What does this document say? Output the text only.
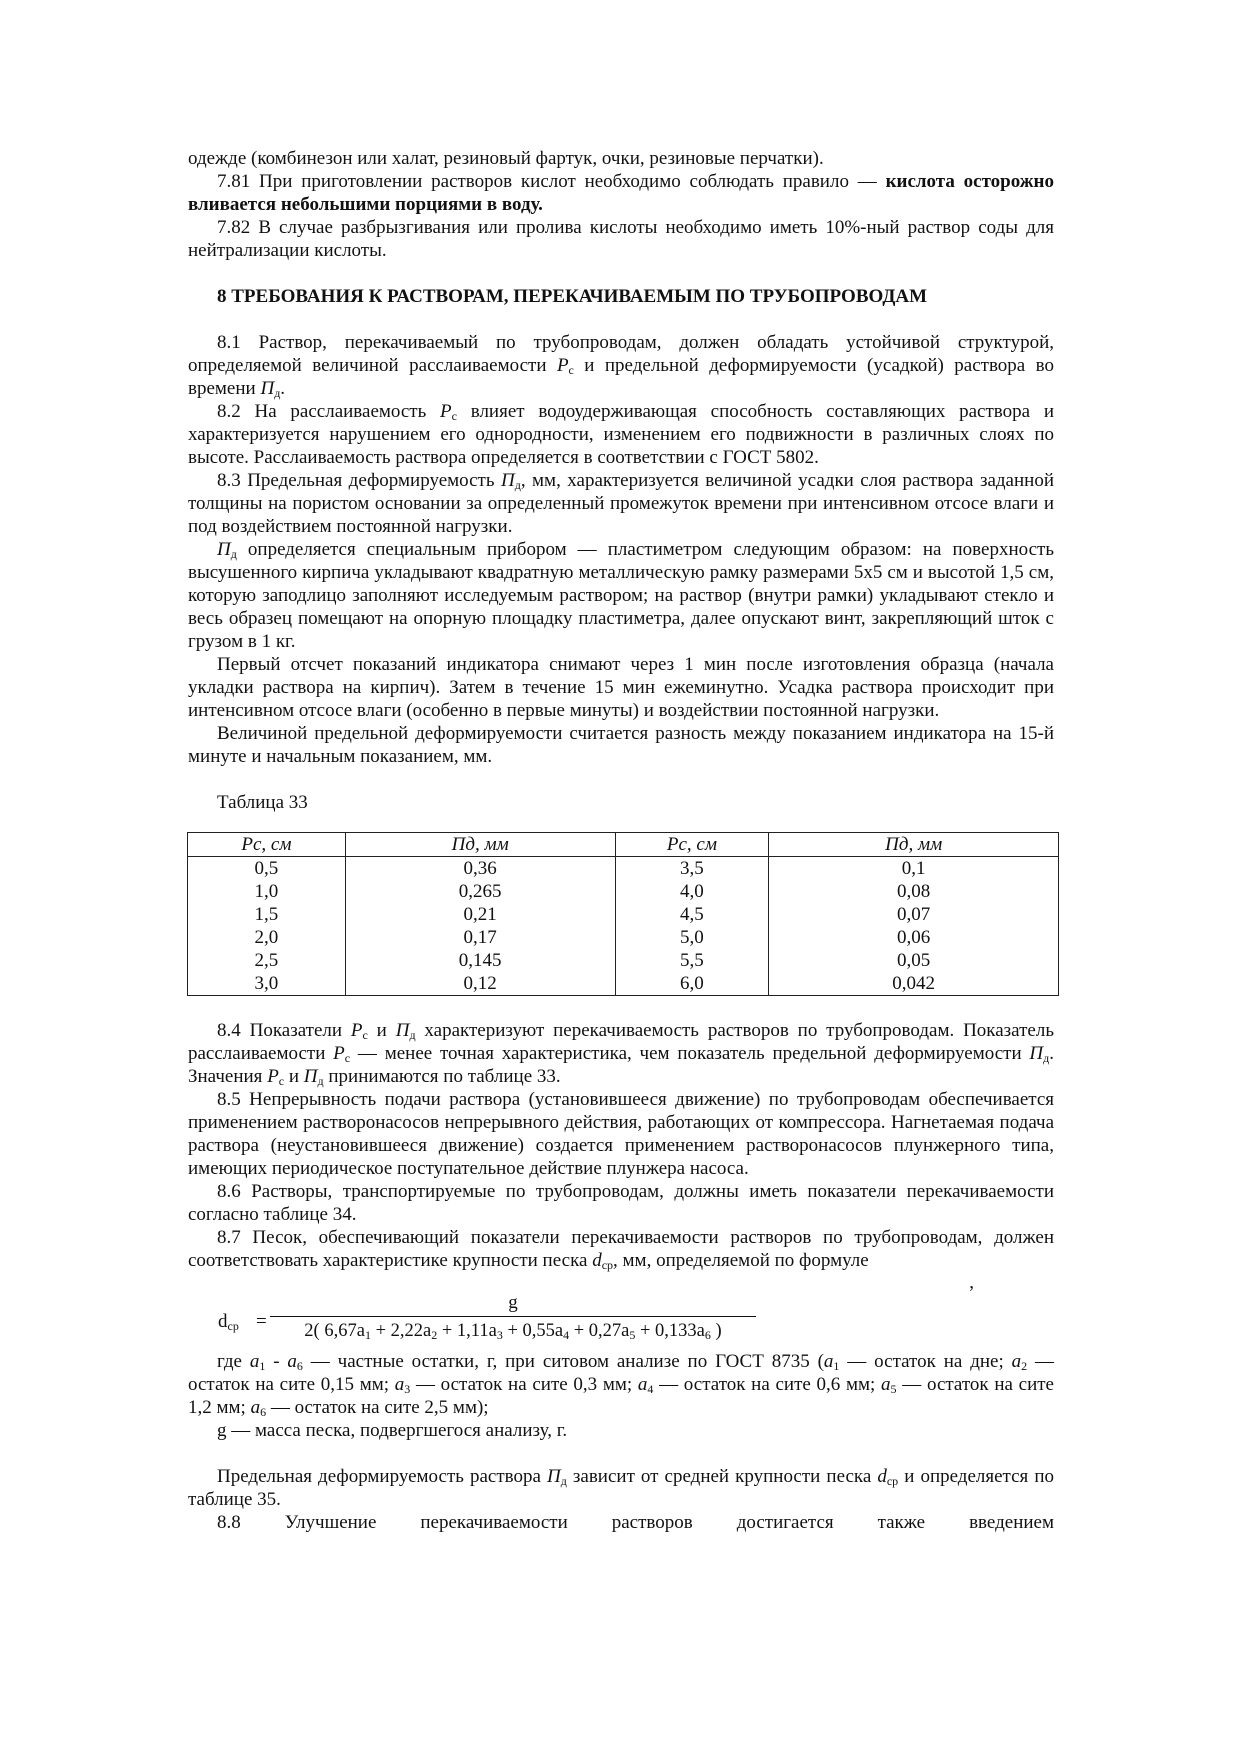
одежде (комбинезон или халат, резиновый фартук, очки, резиновые перчатки).

7.81 При приготовлении растворов кислот необходимо соблюдать правило — кислота осторожно вливается небольшими порциями в воду.

7.82 В случае разбрызгивания или пролива кислоты необходимо иметь 10%-ный раствор соды для нейтрализации кислоты.

8 ТРЕБОВАНИЯ К РАСТВОРАМ, ПЕРЕКАЧИВАЕМЫМ ПО ТРУБОПРОВОДАМ

8.1 Раствор, перекачиваемый по трубопроводам, должен обладать устойчивой структурой, определяемой величиной расслаиваемости $P_с$ и предельной деформируемости (усадкой) раствора во времени $П_д$.

8.2 На расслаиваемость $P_с$ влияет водоудерживающая способность составляющих раствора и характеризуется нарушением его однородности, изменением его подвижности в различных слоях по высоте. Расслаиваемость раствора определяется в соответствии с ГОСТ 5802.

8.3 Предельная деформируемость $П_д$, мм, характеризуется величиной усадки слоя раствора заданной толщины на пористом основании за определенный промежуток времени при интенсивном отсосе влаги и под воздействием постоянной нагрузки.

$П_д$ определяется специальным прибором — пластиметром следующим образом: на поверхность высушенного кирпича укладывают квадратную металлическую рамку размерами 5х5 см и высотой 1,5 см, которую заподлицо заполняют исследуемым раствором; на раствор (внутри рамки) укладывают стекло и весь образец помещают на опорную площадку пластиметра, далее опускают винт, закрепляющий шток с грузом в 1 кг.

Первый отсчет показаний индикатора снимают через 1 мин после изготовления образца (начала укладки раствора на кирпич). Затем в течение 15 мин ежеминутно. Усадка раствора происходит при интенсивном отсосе влаги (особенно в первые минуты) и воздействии постоянной нагрузки.

Величиной предельной деформируемости считается разность между показанием индикатора на 15-й минуте и начальным показанием, мм.

Таблица 33

Рс, см	Пд, мм	Рс, см	Пд, мм
0,5	0,36	3,5	0,1
1,0	0,265	4,0	0,08
1,5	0,21	4,5	0,07
2,0	0,17	5,0	0,06
2,5	0,145	5,5	0,05
3,0	0,12	6,0	0,042

8.4 Показатели $P_с$ и $П_д$ характеризуют перекачиваемость растворов по трубопроводам. Показатель расслаиваемости $P_с$ — менее точная характеристика, чем показатель предельной деформируемости $П_д$. Значения $P_с$ и $П_д$ принимаются по таблице 33.

8.5 Непрерывность подачи раствора (установившееся движение) по трубопроводам обеспечивается применением растворонасосов непрерывного действия, работающих от компрессора. Нагнетаемая подача раствора (неустановившееся движение) создается применением растворонасосов плунжерного типа, имеющих периодическое поступательное действие плунжера насоса.

8.6 Растворы, транспортируемые по трубопроводам, должны иметь показатели перекачиваемости согласно таблице 34.

8.7 Песок, обеспечивающий показатели перекачиваемости растворов по трубопроводам, должен соответствовать характеристике крупности песка $d_{ср}$, мм, определяемой по формуле

,
$d_{ср}$ =
g
2( $6,67a_1 + 2,22a_2 + 1,11a_3 + 0,55a_4 + 0,27a_5 + 0,133a_6$ )

где $a_1 - a_6$ — частные остатки, г, при ситовом анализе по ГОСТ 8735 ($a_1$ — остаток на дне; $a_2$ — остаток на сите 0,15 мм; $a_3$ — остаток на сите 0,3 мм; $a_4$ — остаток на сите 0,6 мм; $a_5$ — остаток на сите 1,2 мм; $a_6$ — остаток на сите 2,5 мм);

g — масса песка, подвергшегося анализу, г.

Предельная деформируемость раствора $П_д$ зависит от средней крупности песка $d_{ср}$ и определяется по таблице 35.

8.8 Улучшение перекачиваемости растворов достигается также введением
